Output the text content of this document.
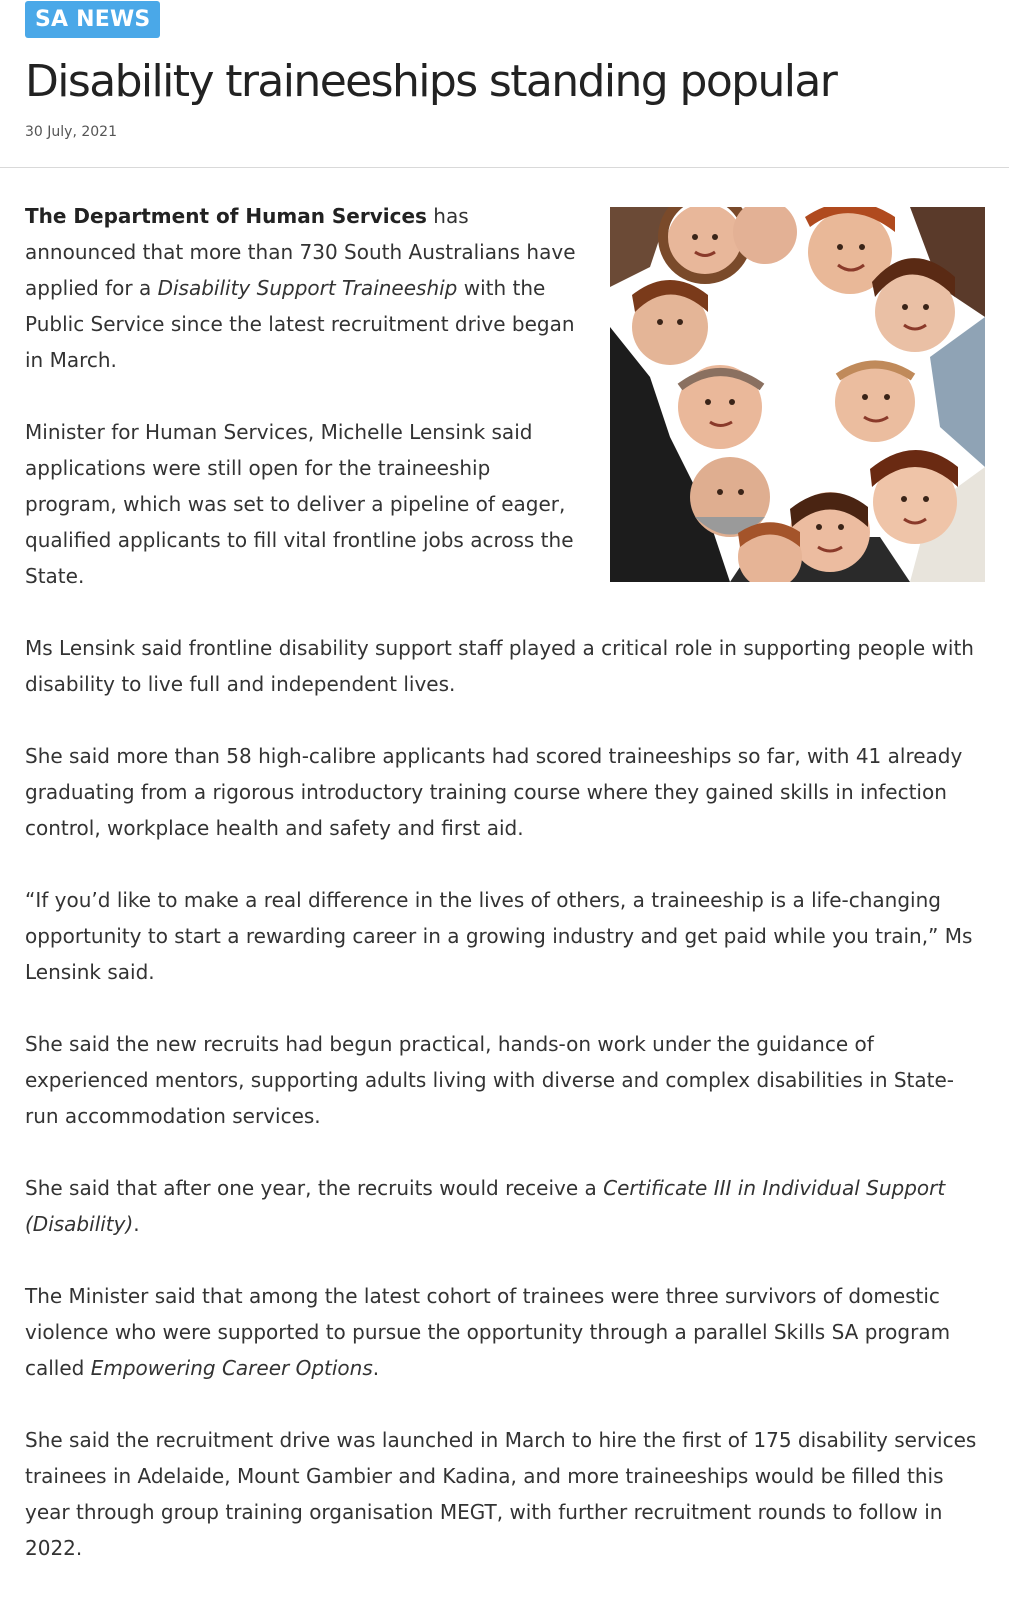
SA NEWS
Disability traineeships standing popular
30 July, 2021

The Department of Human Services has announced that more than 730 South Australians have applied for a Disability Support Traineeship with the Public Service since the latest recruitment drive began in March.

Minister for Human Services, Michelle Lensink said applications were still open for the traineeship program, which was set to deliver a pipeline of eager, qualified applicants to fill vital frontline jobs across the State.

Ms Lensink said frontline disability support staff played a critical role in supporting people with disability to live full and independent lives.

She said more than 58 high-calibre applicants had scored traineeships so far, with 41 already graduating from a rigorous introductory training course where they gained skills in infection control, workplace health and safety and first aid.

“If you’d like to make a real difference in the lives of others, a traineeship is a life-changing opportunity to start a rewarding career in a growing industry and get paid while you train,” Ms Lensink said.

She said the new recruits had begun practical, hands-on work under the guidance of experienced mentors, supporting adults living with diverse and complex disabilities in State-run accommodation services.

She said that after one year, the recruits would receive a Certificate III in Individual Support (Disability).

The Minister said that among the latest cohort of trainees were three survivors of domestic violence who were supported to pursue the opportunity through a parallel Skills SA program called Empowering Career Options.

She said the recruitment drive was launched in March to hire the first of 175 disability services trainees in Adelaide, Mount Gambier and Kadina, and more traineeships would be filled this year through group training organisation MEGT, with further recruitment rounds to follow in 2022.
